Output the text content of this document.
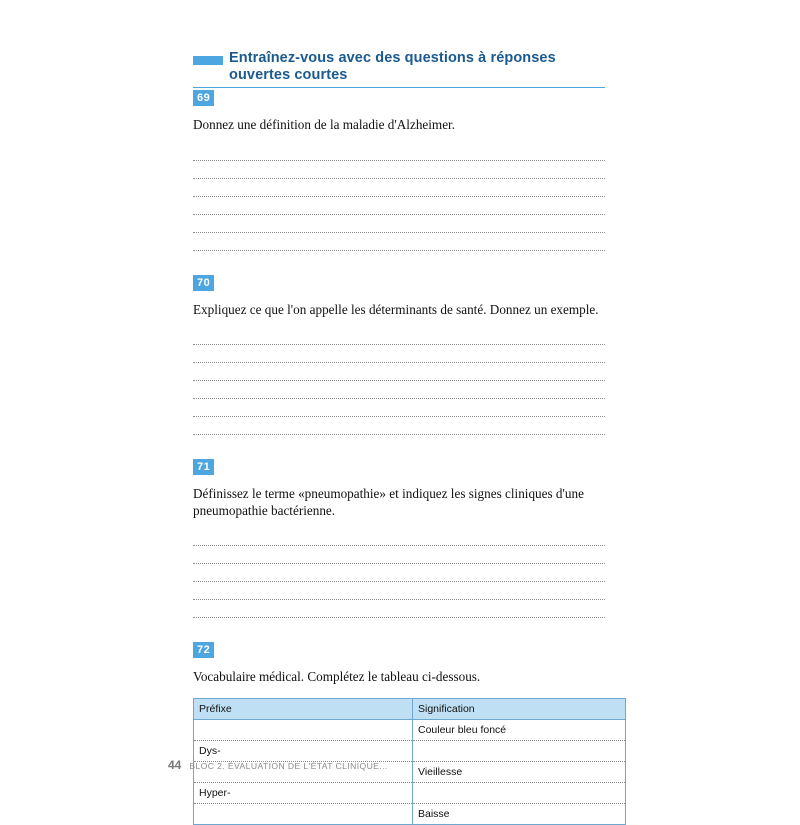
Entraînez-vous avec des questions à réponses ouvertes courtes
69

Donnez une définition de la maladie d'Alzheimer.

70

Expliquez ce que l'on appelle les déterminants de santé. Donnez un exemple.

71

Définissez le terme «pneumopathie» et indiquez les signes cliniques d'une pneumopathie bactérienne.

72

Vocabulaire médical. Complétez le tableau ci-dessous.

Préfixe	Signification
	Couleur bleu foncé
Dys-	
	Vieillesse
Hyper-	
	Baisse
44 BLOC 2. ÉVALUATION DE L'ÉTAT CLINIQUE...
